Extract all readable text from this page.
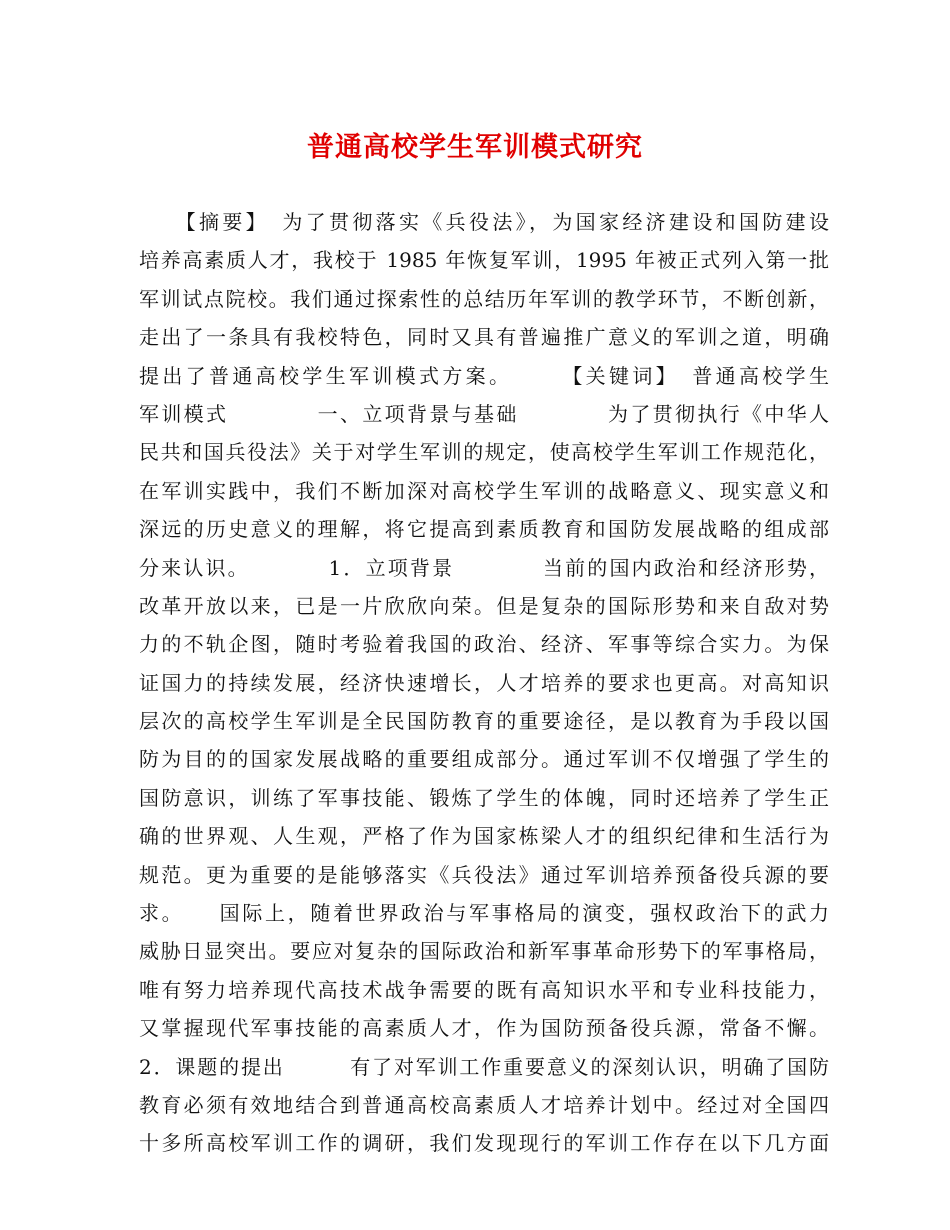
普通高校学生军训模式研究
　　【摘要】　为了贯彻落实《兵役法》，为国家经济建设和国防建设
培养高素质人才，我校于 1985 年恢复军训，1995 年被正式列入第一批
军训试点院校。我们通过探索性的总结历年军训的教学环节，不断创新，
走出了一条具有我校特色，同时又具有普遍推广意义的军训之道，明确
提出了普通高校学生军训模式方案。　　　【关键词】　普通高校学生
军训模式　　　　一、立项背景与基础　　　　为了贯彻执行《中华人
民共和国兵役法》关于对学生军训的规定，使高校学生军训工作规范化，
在军训实践中，我们不断加深对高校学生军训的战略意义、现实意义和
深远的历史意义的理解，将它提高到素质教育和国防发展战略的组成部
分来认识。　　　　1．立项背景　　　　当前的国内政治和经济形势，
改革开放以来，已是一片欣欣向荣。但是复杂的国际形势和来自敌对势
力的不轨企图，随时考验着我国的政治、经济、军事等综合实力。为保
证国力的持续发展，经济快速增长，人才培养的要求也更高。对高知识
层次的高校学生军训是全民国防教育的重要途径，是以教育为手段以国
防为目的的国家发展战略的重要组成部分。通过军训不仅增强了学生的
国防意识，训练了军事技能、锻炼了学生的体魄，同时还培养了学生正
确的世界观、人生观，严格了作为国家栋梁人才的组织纪律和生活行为
规范。更为重要的是能够落实《兵役法》通过军训培养预备役兵源的要
求。　　国际上，随着世界政治与军事格局的演变，强权政治下的武力
威胁日显突出。要应对复杂的国际政治和新军事革命形势下的军事格局，
唯有努力培养现代高技术战争需要的既有高知识水平和专业科技能力，
又掌握现代军事技能的高素质人才，作为国防预备役兵源，常备不懈。
2．课题的提出　　　有了对军训工作重要意义的深刻认识，明确了国防
教育必须有效地结合到普通高校高素质人才培养计划中。经过对全国四
十多所高校军训工作的调研，我们发现现行的军训工作存在以下几方面
